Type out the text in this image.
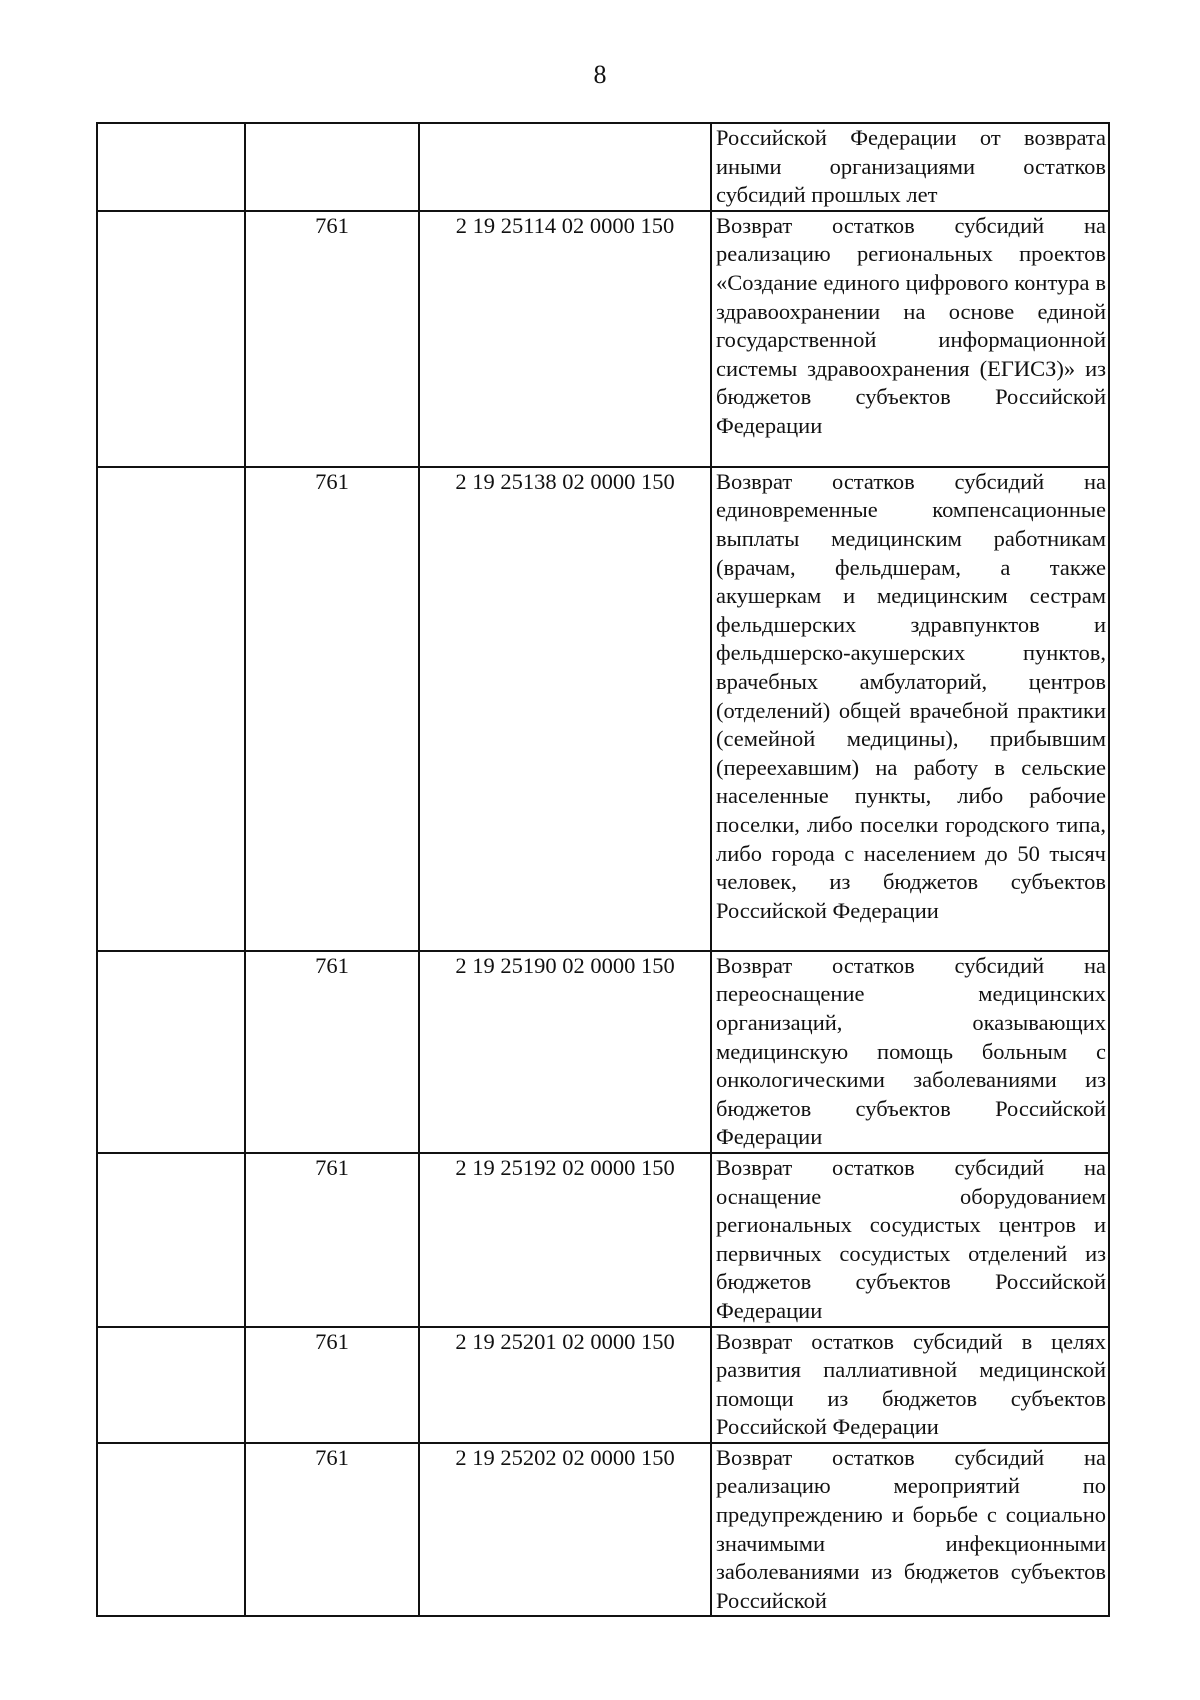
8

			Российской Федерации от возврата иными организациями остатков субсидий прошлых лет

	761	2 19 25114 02 0000 150	Возврат остатков субсидий на реализацию региональных проектов «Создание единого цифрового контура в здравоохранении на основе единой государственной информационной системы здравоохранения (ЕГИСЗ)» из бюджетов субъектов Российской Федерации

	761	2 19 25138 02 0000 150	Возврат остатков субсидий на единовременные компенсационные выплаты медицинским работникам (врачам, фельдшерам, а также акушеркам и медицинским сестрам фельдшерских здравпунктов и фельдшерско-акушерских пунктов, врачебных амбулаторий, центров (отделений) общей врачебной практики (семейной медицины), прибывшим (переехавшим) на работу в сельские населенные пункты, либо рабочие поселки, либо поселки городского типа, либо города с населением до 50 тысяч человек, из бюджетов субъектов Российской Федерации

	761	2 19 25190 02 0000 150	Возврат остатков субсидий на переоснащение медицинских организаций, оказывающих медицинскую помощь больным с онкологическими заболеваниями из бюджетов субъектов Российской Федерации

	761	2 19 25192 02 0000 150	Возврат остатков субсидий на оснащение оборудованием региональных сосудистых центров и первичных сосудистых отделений из бюджетов субъектов Российской Федерации

	761	2 19 25201 02 0000 150	Возврат остатков субсидий в целях развития паллиативной медицинской помощи из бюджетов субъектов Российской Федерации

	761	2 19 25202 02 0000 150	Возврат остатков субсидий на реализацию мероприятий по предупреждению и борьбе с социально значимыми инфекционными заболеваниями из бюджетов субъектов Российской
